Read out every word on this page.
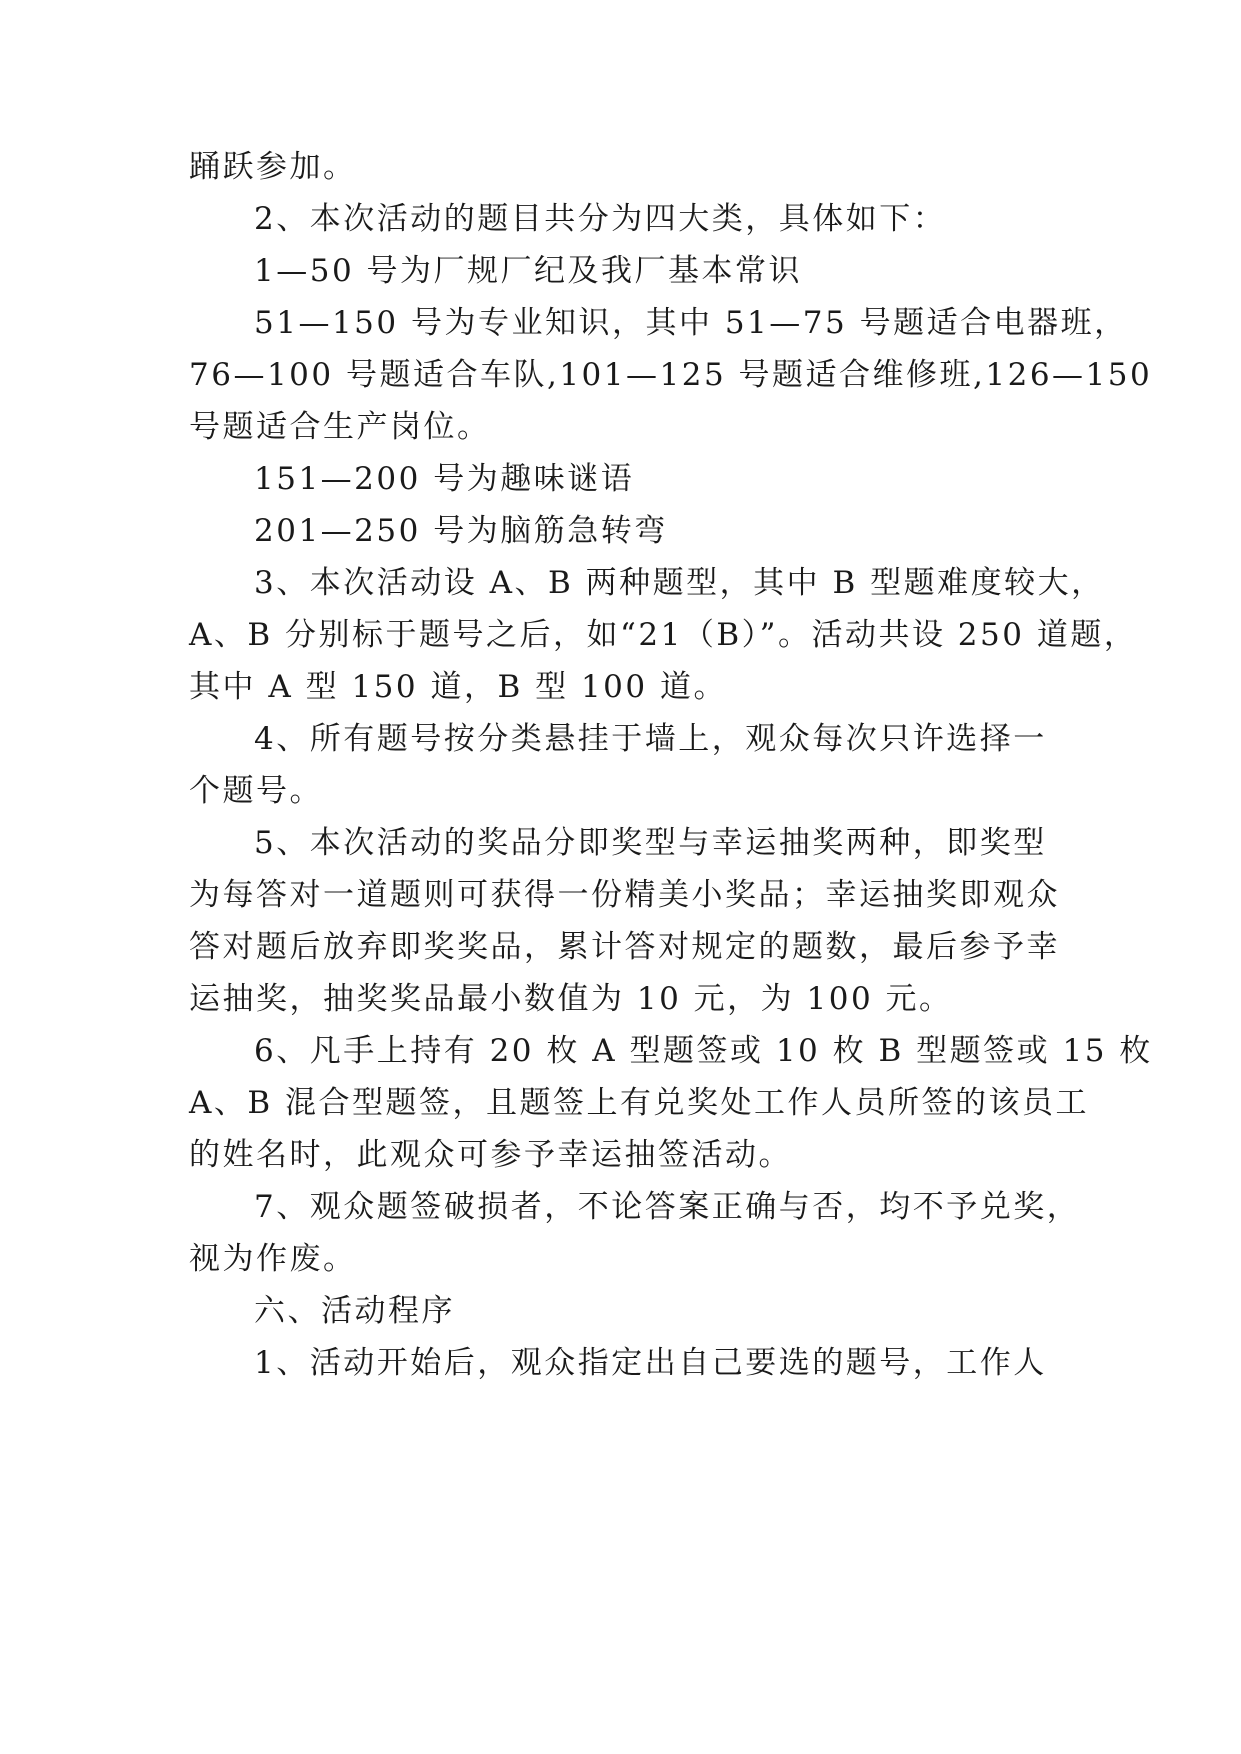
踊跃参加。

2、本次活动的题目共分为四大类，具体如下：

1—50 号为厂规厂纪及我厂基本常识

51—150 号为专业知识，其中 51—75 号题适合电器班，

76—100 号题适合车队,101—125 号题适合维修班,126—150

号题适合生产岗位。

151—200 号为趣味谜语

201—250 号为脑筋急转弯

3、本次活动设 A、B 两种题型，其中 B 型题难度较大，

A、B 分别标于题号之后，如“21（B）”。活动共设 250 道题，

其中 A 型 150 道，B 型 100 道。

4、所有题号按分类悬挂于墙上，观众每次只许选择一

个题号。

5、本次活动的奖品分即奖型与幸运抽奖两种，即奖型

为每答对一道题则可获得一份精美小奖品；幸运抽奖即观众

答对题后放弃即奖奖品，累计答对规定的题数，最后参予幸

运抽奖，抽奖奖品最小数值为 10 元，为 100 元。

6、凡手上持有 20 枚 A 型题签或 10 枚 B 型题签或 15 枚

A、B 混合型题签，且题签上有兑奖处工作人员所签的该员工

的姓名时，此观众可参予幸运抽签活动。

7、观众题签破损者，不论答案正确与否，均不予兑奖，

视为作废。

六、活动程序

1、活动开始后，观众指定出自己要选的题号，工作人
